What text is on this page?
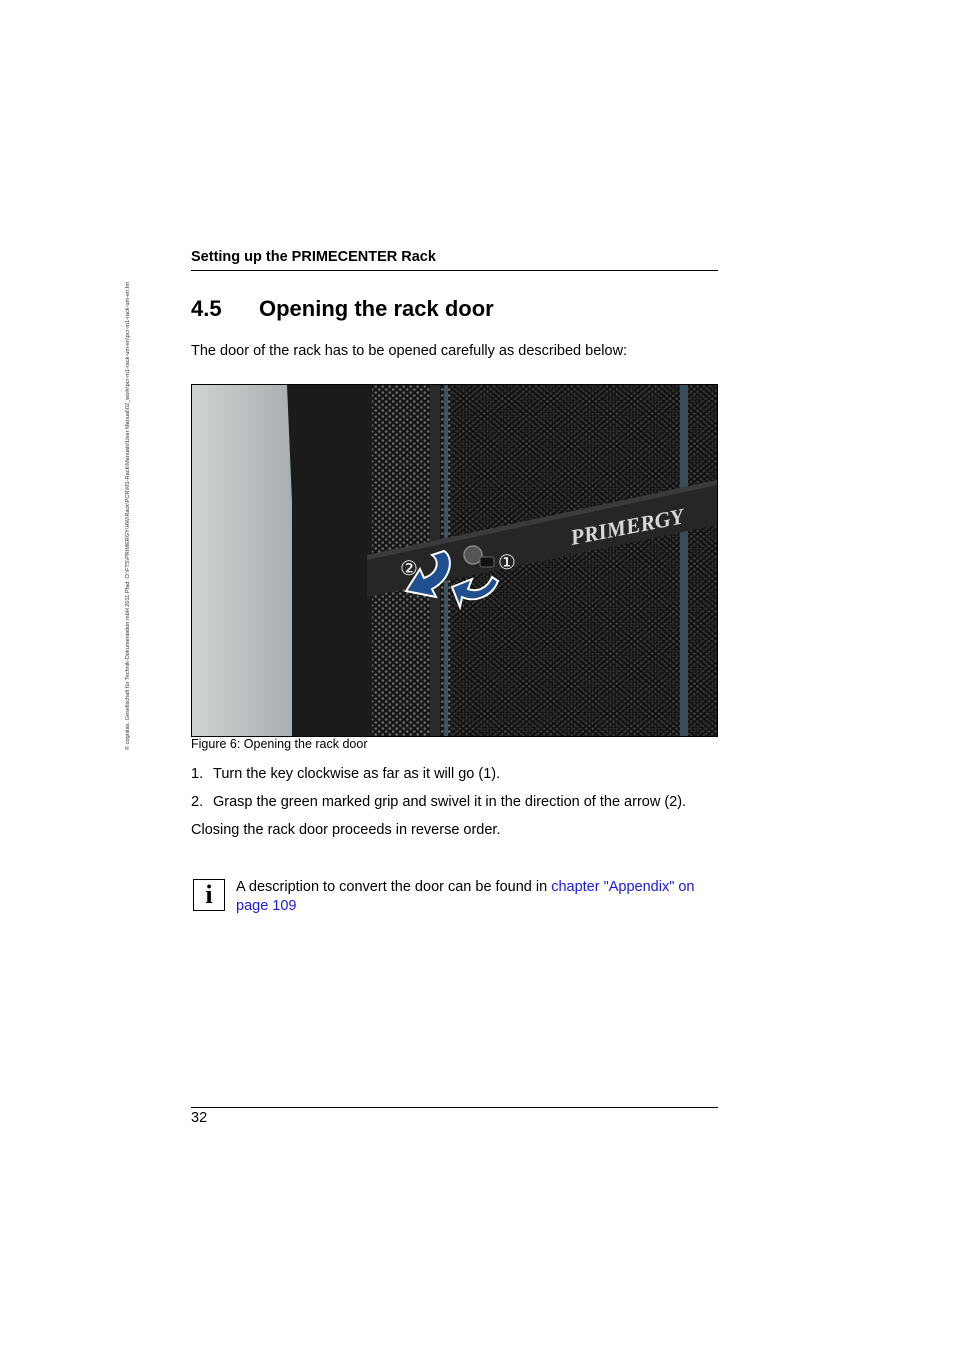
© cognitas. Gesellschaft für Technik-Dokumentation mbH 2011 Pfad: O:\FTS\PRIMERGY\HW\Rack\PCR\M1-Rack\Manuals\User Manual\02_work\pcr-m1-rack-um-en\pcr-m1-rack-um-en.fm
Setting up the PRIMECENTER Rack
4.5 Opening the rack door
The door of the rack has to be opened carefully as described below:
PRIMERGY
②	①
Figure 6: Opening the rack door
1. Turn the key clockwise as far as it will go (1).
2. Grasp the green marked grip and swivel it in the direction of the arrow (2).
Closing the rack door proceeds in reverse order.
i	A description to convert the door can be found in chapter "Appendix" on page 109
32
